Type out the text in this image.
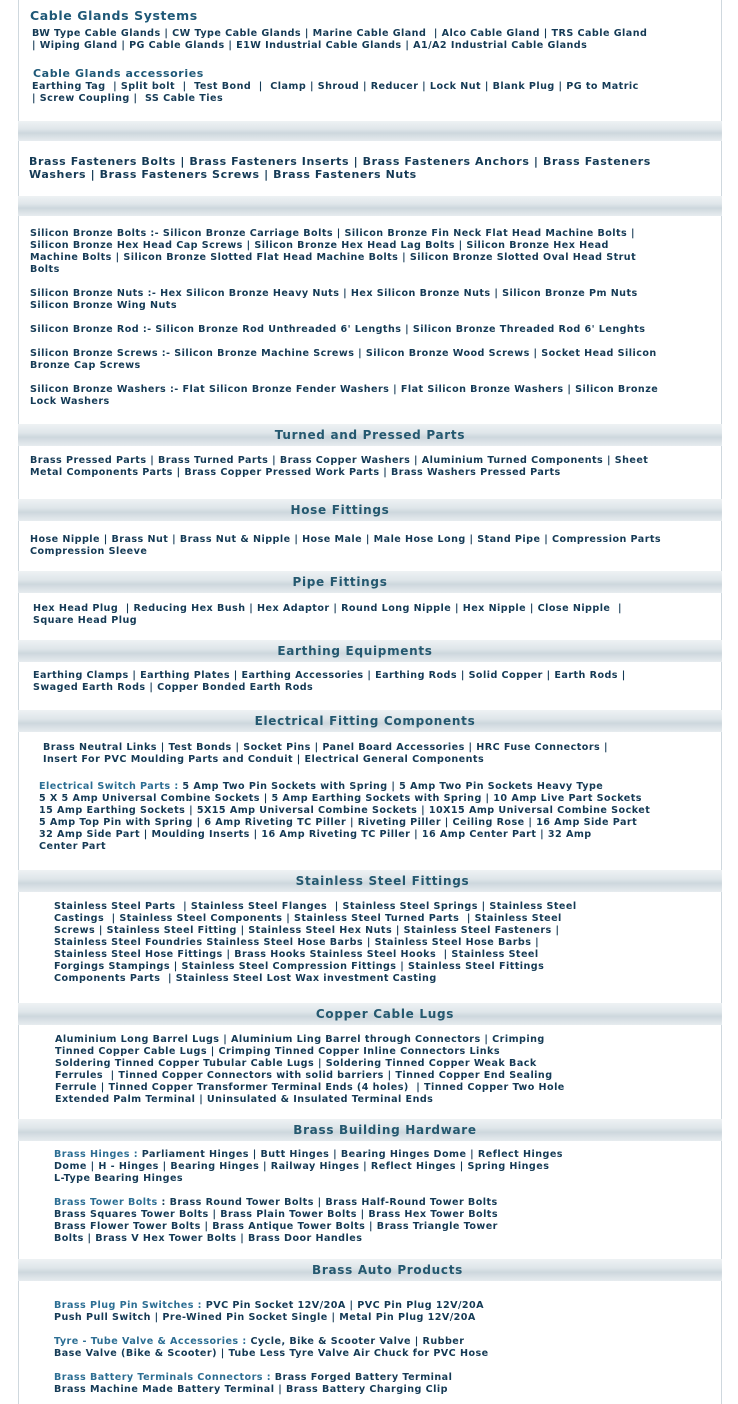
Cable Glands Systems
BW Type Cable Glands | CW Type Cable Glands | Marine Cable Gland  | Alco Cable Gland | TRS Cable Gland
| Wiping Gland | PG Cable Glands | E1W Industrial Cable Glands | A1/A2 Industrial Cable Glands
Cable Glands accessories
Earthing Tag  | Split bolt  |  Test Bond  |  Clamp | Shroud | Reducer | Lock Nut | Blank Plug | PG to Matric
| Screw Coupling |  SS Cable Ties
Brass Fasteners Bolts | Brass Fasteners Inserts | Brass Fasteners Anchors | Brass Fasteners
Washers | Brass Fasteners Screws | Brass Fasteners Nuts
Silicon Bronze Bolts :- Silicon Bronze Carriage Bolts | Silicon Bronze Fin Neck Flat Head Machine Bolts |
Silicon Bronze Hex Head Cap Screws | Silicon Bronze Hex Head Lag Bolts | Silicon Bronze Hex Head
Machine Bolts | Silicon Bronze Slotted Flat Head Machine Bolts | Silicon Bronze Slotted Oval Head Strut
Bolts
Silicon Bronze Nuts :- Hex Silicon Bronze Heavy Nuts | Hex Silicon Bronze Nuts | Silicon Bronze Pm Nuts
Silicon Bronze Wing Nuts
Silicon Bronze Rod :- Silicon Bronze Rod Unthreaded 6' Lengths | Silicon Bronze Threaded Rod 6' Lenghts
Silicon Bronze Screws :- Silicon Bronze Machine Screws | Silicon Bronze Wood Screws | Socket Head Silicon
Bronze Cap Screws
Silicon Bronze Washers :- Flat Silicon Bronze Fender Washers | Flat Silicon Bronze Washers | Silicon Bronze
Lock Washers
Turned and Pressed Parts
Brass Pressed Parts | Brass Turned Parts | Brass Copper Washers | Aluminium Turned Components | Sheet
Metal Components Parts | Brass Copper Pressed Work Parts | Brass Washers Pressed Parts
Hose Fittings
Hose Nipple | Brass Nut | Brass Nut & Nipple | Hose Male | Male Hose Long | Stand Pipe | Compression Parts
Compression Sleeve
Pipe Fittings
Hex Head Plug  | Reducing Hex Bush | Hex Adaptor | Round Long Nipple | Hex Nipple | Close Nipple  |
Square Head Plug
Earthing Equipments
Earthing Clamps | Earthing Plates | Earthing Accessories | Earthing Rods | Solid Copper | Earth Rods |
Swaged Earth Rods | Copper Bonded Earth Rods
Electrical Fitting Components
Brass Neutral Links | Test Bonds | Socket Pins | Panel Board Accessories | HRC Fuse Connectors |
Insert For PVC Moulding Parts and Conduit | Electrical General Components
Electrical Switch Parts : 5 Amp Two Pin Sockets with Spring | 5 Amp Two Pin Sockets Heavy Type
5 X 5 Amp Universal Combine Sockets | 5 Amp Earthing Sockets with Spring | 10 Amp Live Part Sockets
15 Amp Earthing Sockets | 5X15 Amp Universal Combine Sockets | 10X15 Amp Universal Combine Socket
5 Amp Top Pin with Spring | 6 Amp Riveting TC Piller | Riveting Piller | Ceiling Rose | 16 Amp Side Part
32 Amp Side Part | Moulding Inserts | 16 Amp Riveting TC Piller | 16 Amp Center Part | 32 Amp
Center Part
Stainless Steel Fittings
Stainless Steel Parts  | Stainless Steel Flanges  | Stainless Steel Springs | Stainless Steel
Castings  | Stainless Steel Components | Stainless Steel Turned Parts  | Stainless Steel
Screws | Stainless Steel Fitting | Stainless Steel Hex Nuts | Stainless Steel Fasteners |
Stainless Steel Foundries Stainless Steel Hose Barbs | Stainless Steel Hose Barbs |
Stainless Steel Hose Fittings | Brass Hooks Stainless Steel Hooks  | Stainless Steel
Forgings Stampings | Stainless Steel Compression Fittings | Stainless Steel Fittings
Components Parts  | Stainless Steel Lost Wax investment Casting
Copper Cable Lugs
Aluminium Long Barrel Lugs | Aluminium Ling Barrel through Connectors | Crimping
Tinned Copper Cable Lugs | Crimping Tinned Copper Inline Connectors Links
Soldering Tinned Copper Tubular Cable Lugs | Soldering Tinned Copper Weak Back
Ferrules  | Tinned Copper Connectors with solid barriers | Tinned Copper End Sealing
Ferrule | Tinned Copper Transformer Terminal Ends (4 holes)  | Tinned Copper Two Hole
Extended Palm Terminal | Uninsulated & Insulated Terminal Ends
Brass Building Hardware
Brass Hinges : Parliament Hinges | Butt Hinges | Bearing Hinges Dome | Reflect Hinges
Dome | H - Hinges | Bearing Hinges | Railway Hinges | Reflect Hinges | Spring Hinges
L-Type Bearing Hinges
Brass Tower Bolts : Brass Round Tower Bolts | Brass Half-Round Tower Bolts
Brass Squares Tower Bolts | Brass Plain Tower Bolts | Brass Hex Tower Bolts
Brass Flower Tower Bolts | Brass Antique Tower Bolts | Brass Triangle Tower
Bolts | Brass V Hex Tower Bolts | Brass Door Handles
Brass Auto Products
Brass Plug Pin Switches : PVC Pin Socket 12V/20A | PVC Pin Plug 12V/20A
Push Pull Switch | Pre-Wined Pin Socket Single | Metal Pin Plug 12V/20A
Tyre - Tube Valve & Accessories : Cycle, Bike & Scooter Valve | Rubber
Base Valve (Bike & Scooter) | Tube Less Tyre Valve Air Chuck for PVC Hose
Brass Battery Terminals Connectors : Brass Forged Battery Terminal
Brass Machine Made Battery Terminal | Brass Battery Charging Clip
